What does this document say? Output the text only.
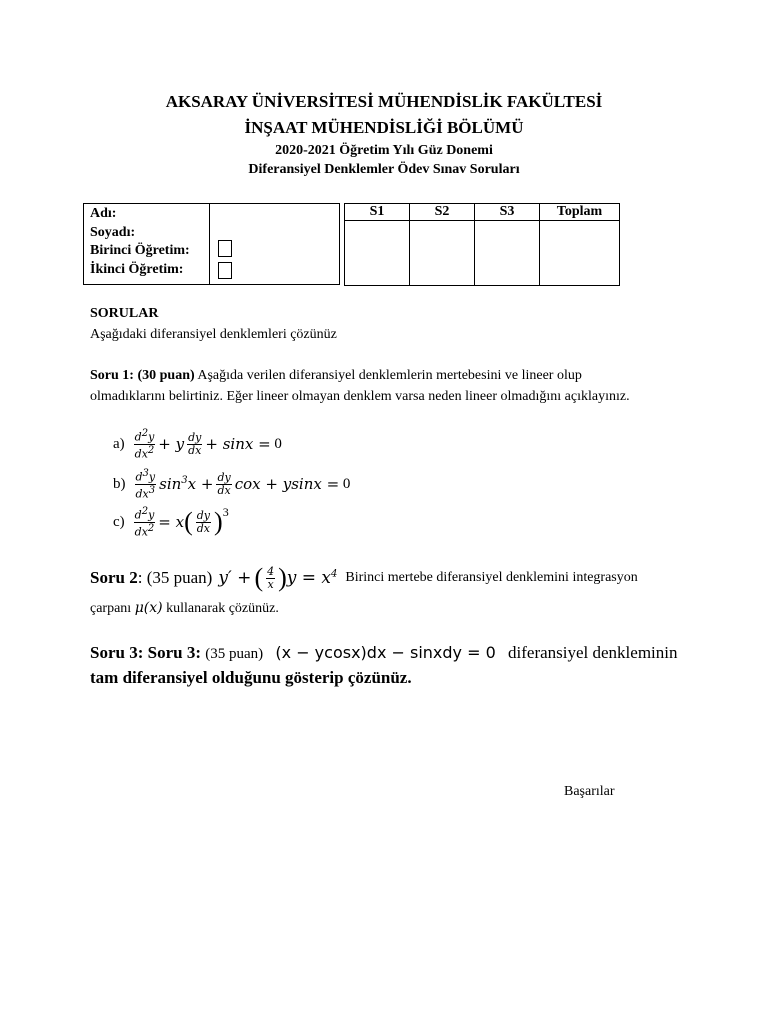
AKSARAY ÜNİVERSİTESİ MÜHENDİSLİK FAKÜLTESİ
İNŞAAT MÜHENDİSLİĞİ BÖLÜMÜ
2020-2021 Öğretim Yılı Güz Donemi
Diferansiyel Denklemler Ödev Sınav Soruları
Adı:
Soyadı:
Birinci Öğretim:
İkinci Öğretim:

S1	S2	S3	Toplam

SORULAR
Aşağıdaki diferansiyel denklemleri çözünüz
Soru 1: (30 puan) Aşağıda verilen diferansiyel denklemlerin mertebesini ve lineer olup
olmadıklarını belirtiniz. Eğer lineer olmayan denklem varsa neden lineer olmadığını açıklayınız.
$a) \frac{d^2y}{dx^2} + y \frac{dy}{dx} + \sin x = 0$
$b) \frac{d^3y}{dx^3} \sin^3x + \frac{dy}{dx}$ cox + ysinx = 0
$c) \frac{d^2y}{dx^2} = x$ ( $\frac{dy}{dx} )^3$
Soru 2 : (35 puan) y′ + ( $\frac{4}{x}$ ) $y = x^4$ Birinci mertebe diferansiyel denklemini integrasyon
çarpanı μ(x) kullanarak çözünüz.
Soru 3: Soru 3: (35 puan) (x − ycosx)dx − sinxdy = 0 diferansiyel denkleminin
tam diferansiyel olduğunu gösterip çözünüz.
Başarılar
